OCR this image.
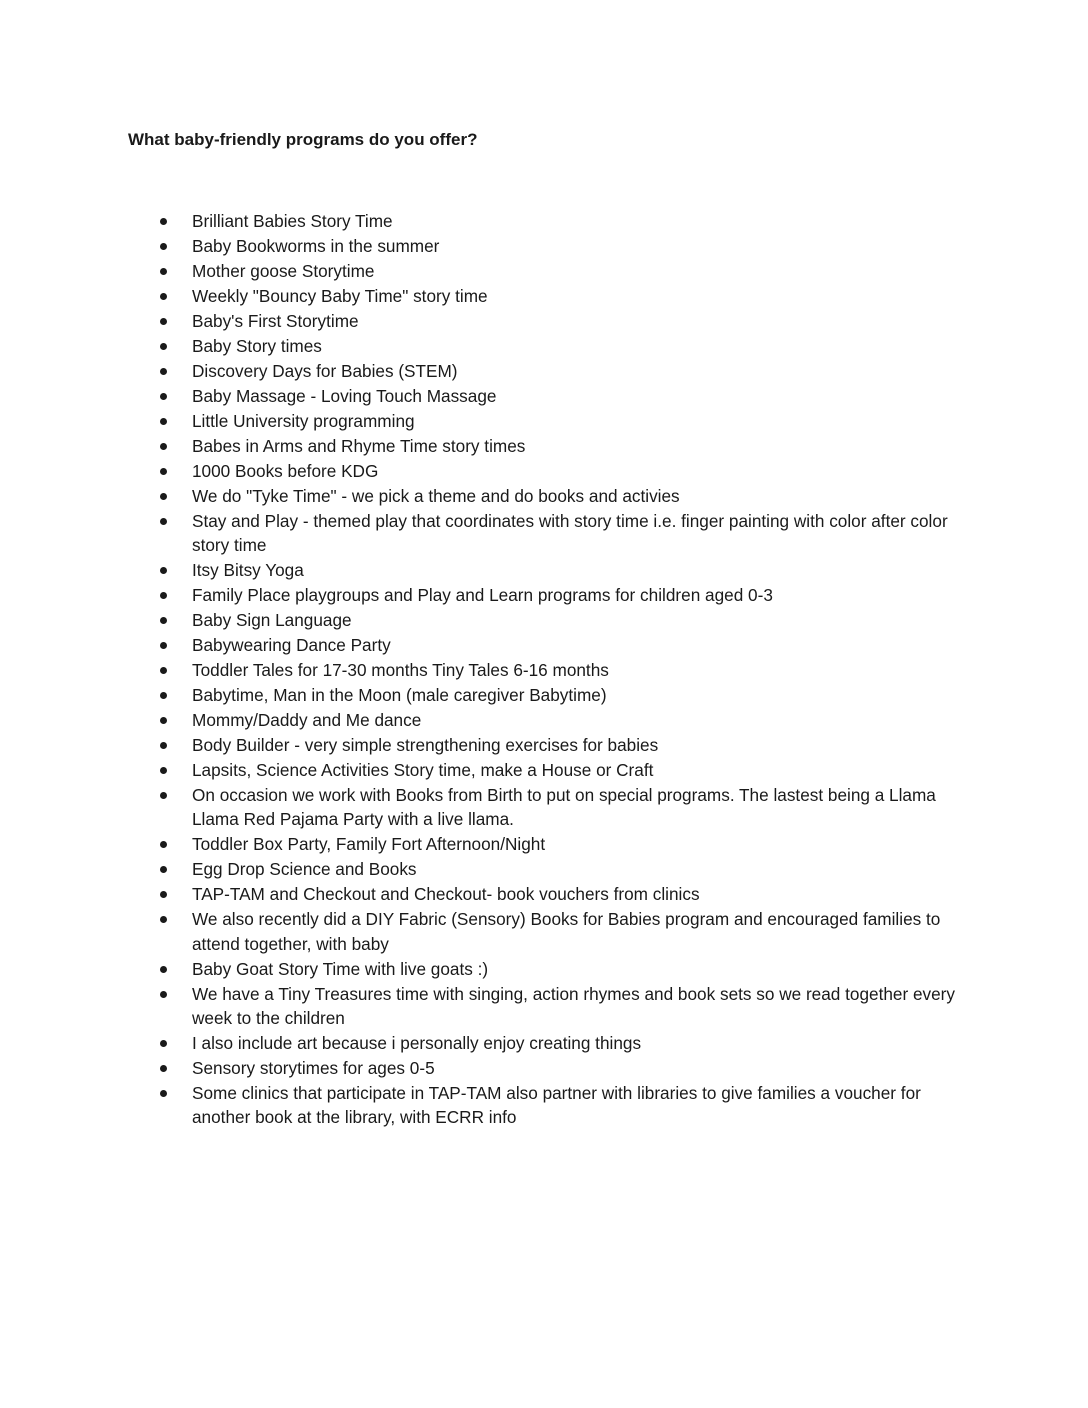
What baby-friendly programs do you offer?
Brilliant Babies Story Time
Baby Bookworms in the summer
Mother goose Storytime
Weekly "Bouncy Baby Time" story time
Baby's First Storytime
Baby Story times
Discovery Days for Babies (STEM)
Baby Massage - Loving Touch Massage
Little University programming
Babes in Arms and Rhyme Time story times
1000 Books before KDG
We do "Tyke Time" - we pick a theme and do books and activies
Stay and Play - themed play that coordinates with story time i.e. finger painting with color after color story time
Itsy Bitsy Yoga
Family Place playgroups and Play and Learn programs for children aged 0-3
Baby Sign Language
Babywearing Dance Party
Toddler Tales for 17-30 months Tiny Tales 6-16 months
Babytime, Man in the Moon (male caregiver Babytime)
Mommy/Daddy and Me dance
Body Builder - very simple strengthening exercises for babies
Lapsits, Science Activities Story time, make a House or Craft
On occasion we work with Books from Birth to put on special programs. The lastest being a Llama Llama Red Pajama Party with a live llama.
Toddler Box Party, Family Fort Afternoon/Night
Egg Drop Science and Books
TAP-TAM and Checkout and Checkout- book vouchers from clinics
We also recently did a DIY Fabric (Sensory) Books for Babies program and encouraged families to attend together, with baby
Baby Goat Story Time with live goats :)
We have a Tiny Treasures time with singing, action rhymes and book sets so we read together every week to the children
I also include art because i personally enjoy creating things
Sensory storytimes for ages 0-5
Some clinics that participate in TAP-TAM also partner with libraries to give families a voucher for another book at the library, with ECRR info
